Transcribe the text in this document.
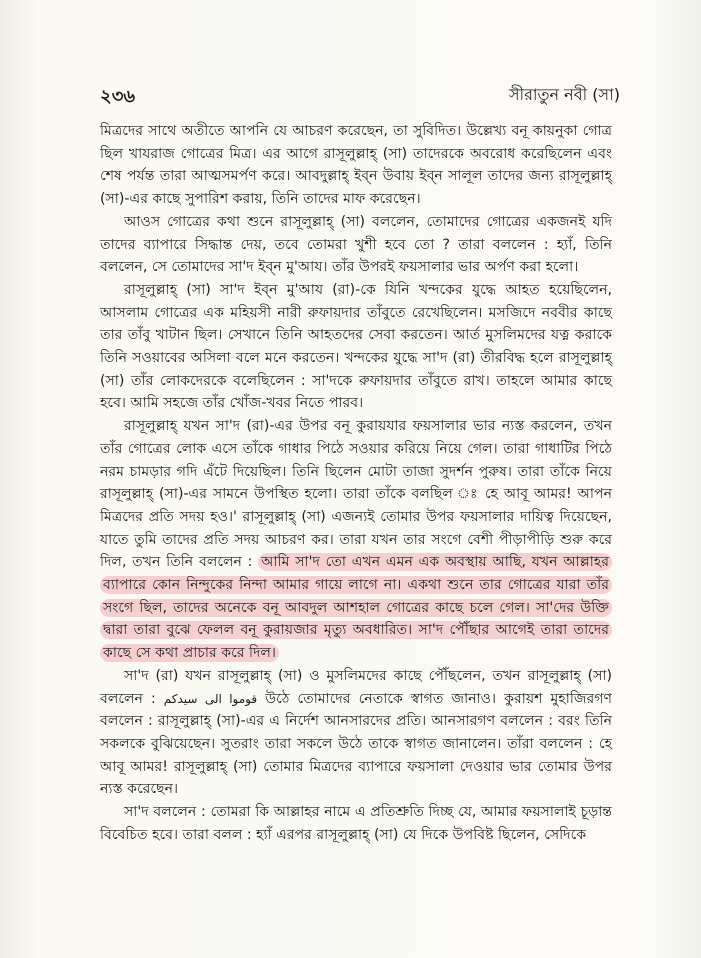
২৩৬	সীরাতুন নবী (সা)

মিত্রদের সাথে অতীতে আপনি যে আচরণ করেছেন, তা সুবিদিত। উল্লেখ্য বনূ কায়নুকা গোত্র ছিল খাযরাজ গোত্রের মিত্র। এর আগে রাসূলুল্লাহ্ (সা) তাদেরকে অবরোধ করেছিলেন এবং শেষ পর্যন্ত তারা আত্মসমর্পণ করে। আবদুল্লাহ্ ইব্‌ন উবায় ইব্‌ন সালূল তাদের জন্য রাসূলুল্লাহ্ (সা)-এর কাছে সুপারিশ করায়, তিনি তাদের মাফ করেছেন।

আওস গোত্রের কথা শুনে রাসূলুল্লাহ্ (সা) বললেন, তোমাদের গোত্রের একজনই যদি তাদের ব্যাপারে সিদ্ধান্ত দেয়, তবে তোমরা খুশী হবে তো ? তারা বললেন : হ্যাঁ, তিনি বললেন, সে তোমাদের সা'দ ইব্‌ন মু'আয। তাঁর উপরই ফয়সালার ভার অর্পণ করা হলো।

রাসূলুল্লাহ্ (সা) সা'দ ইব্‌ন মু'আয (রা)-কে যিনি খন্দকের যুদ্ধে আহত হয়েছিলেন, আসলাম গোত্রের এক মহিয়সী নারী রুফায়দার তাঁবুতে রেখেছিলেন। মসজিদে নববীর কাছে তার তাঁবু খাটান ছিল। সেখানে তিনি আহতদের সেবা করতেন। আর্ত মুসলিমদের যত্ন করাকে তিনি সওয়াবের অসিলা বলে মনে করতেন। খন্দকের যুদ্ধে সা'দ (রা) তীরবিদ্ধ হলে রাসূলুল্লাহ্ (সা) তাঁর লোকদেরকে বলেছিলেন : সা'দকে রুফায়দার তাঁবুতে রাখ। তাহলে আমার কাছে হবে। আমি সহজে তাঁর খোঁজ-খবর নিতে পারব।

রাসূলুল্লাহ্ যখন সা'দ (রা)-এর উপর বনূ কুরায়যার ফয়সালার ভার ন্যস্ত করলেন, তখন তাঁর গোত্রের লোক এসে তাঁকে গাধার পিঠে সওয়ার করিয়ে নিয়ে গেল। তারা গাধাটির পিঠে নরম চামড়ার গদি এঁটে দিয়েছিল। তিনি ছিলেন মোটা তাজা সুদর্শন পুরুষ। তারা তাঁকে নিয়ে রাসূলুল্লাহ্ (সা)-এর সামনে উপস্থিত হলো। তারা তাঁকে বলছিল ঃ হে আবূ আমর! আপন মিত্রদের প্রতি সদয় হও।' রাসূলুল্লাহ্ (সা) এজন্যই তোমার উপর ফয়সালার দায়িত্ব দিয়েছেন, যাতে তুমি তাদের প্রতি সদয় আচরণ কর। তারা যখন তার সংগে বেশী পীড়াপীড়ি শুরু করে দিল, তখন তিনি বললেন : আমি সা'দ তো এখন এমন এক অবস্থায় আছি, যখন আল্লাহর ব্যাপারে কোন নিন্দুকের নিন্দা আমার গায়ে লাগে না। একথা শুনে তার গোত্রের যারা তাঁর সংগে ছিল, তাদের অনেকে বনূ আবদুল আশহাল গোত্রের কাছে চলে গেল। সা'দের উক্তি দ্বারা তারা বুঝে ফেলল বনূ কুরায়জার মৃত্যু অবধারিত। সা'দ পৌঁছার আগেই তারা তাদের কাছে সে কথা প্রাচার করে দিল।

সা'দ (রা) যখন রাসূলুল্লাহ্ (সা) ও মুসলিমদের কাছে পৌঁছলেন, তখন রাসূলুল্লাহ্ (সা) বললেন : قوموا الى سيدكم উঠে তোমাদের নেতাকে স্বাগত জানাও। কুরায়শ মুহাজিরগণ বললেন : রাসূলুল্লাহ্ (সা)-এর এ নির্দেশ আনসারদের প্রতি। আনসারগণ বললেন : বরং তিনি সকলকে বুঝিয়েছেন। সুতরাং তারা সকলে উঠে তাকে স্বাগত জানালেন। তাঁরা বললেন : হে আবূ আমর! রাসূলুল্লাহ্ (সা) তোমার মিত্রদের ব্যাপারে ফয়সালা দেওয়ার ভার তোমার উপর ন্যস্ত করেছেন।

সা'দ বললেন : তোমরা কি আল্লাহর নামে এ প্রতিশ্রুতি দিচ্ছ যে, আমার ফয়সালাই চূড়ান্ত বিবেচিত হবে। তারা বলল : হ্যাঁ এরপর রাসূলুল্লাহ্ (সা) যে দিকে উপবিষ্ট ছিলেন, সেদিকে
